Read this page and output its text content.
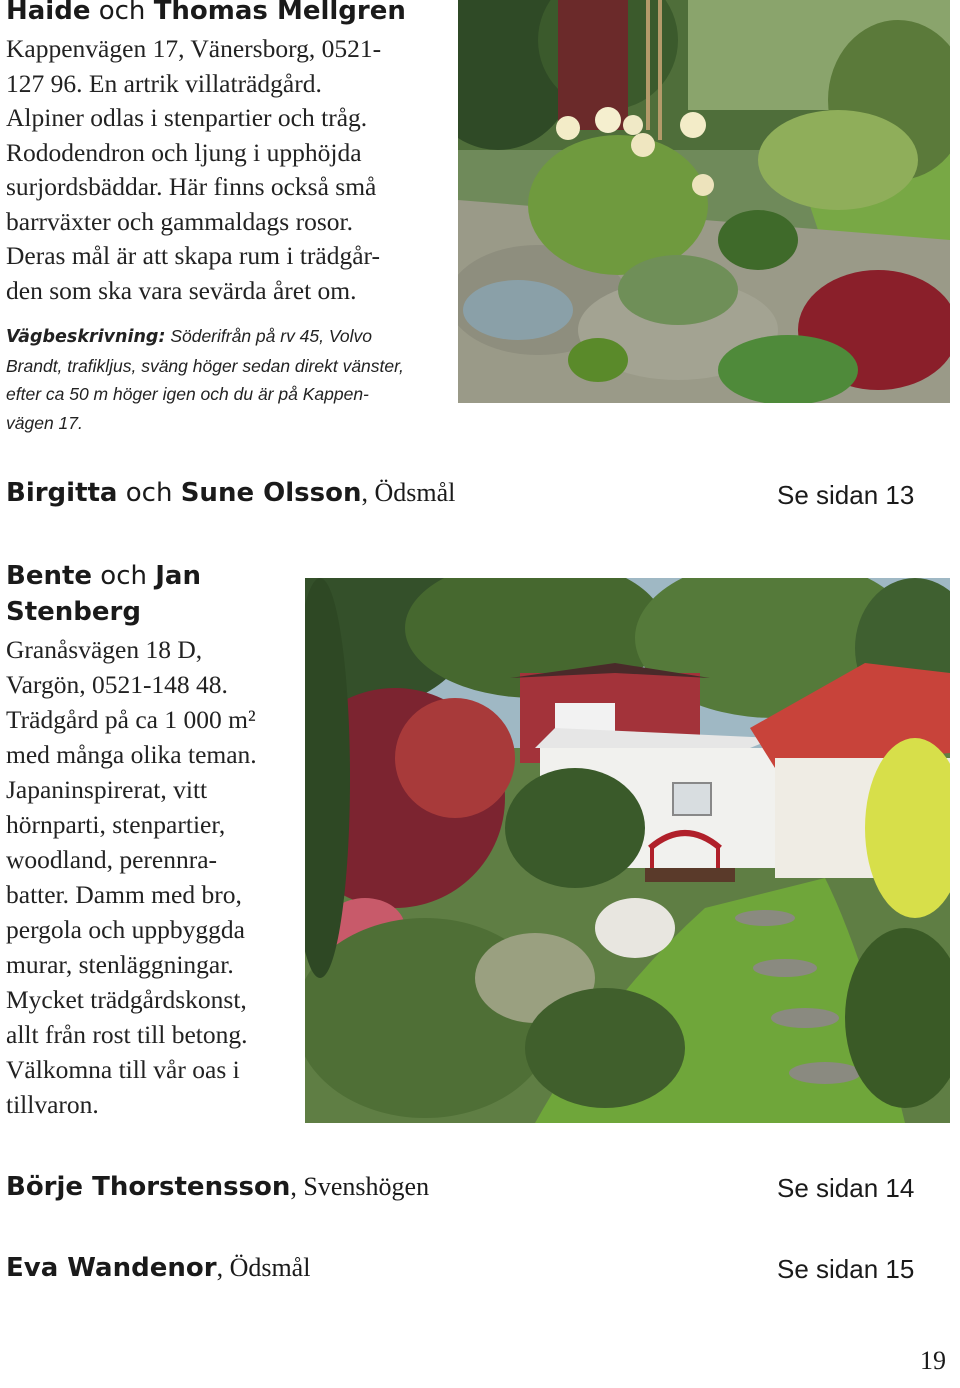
Haide och Thomas Mellgren
Kappenvägen 17, Vänersborg, 0521-
127 96. En artrik villaträdgård.
Alpiner odlas i stenpartier och tråg.
Rododendron och ljung i upphöjda
surjordsbäddar. Här finns också små
barrväxter och gammaldags rosor.
Deras mål är att skapa rum i trädgår-
den som ska vara sevärda året om.
Vägbeskrivning: Söderifrån på rv 45, Volvo
Brandt, trafikljus, sväng höger sedan direkt vänster,
efter ca 50 m höger igen och du är på Kappen-
vägen 17.
Birgitta och Sune Olsson, Ödsmål	Se sidan 13
Bente och Jan
Stenberg
Granåsvägen 18 D,
Vargön, 0521-148 48.
Trädgård på ca 1 000 m²
med många olika teman.
Japaninspirerat, vitt
hörnparti, stenpartier,
woodland, perennra-
batter. Damm med bro,
pergola och uppbyggda
murar, stenläggningar.
Mycket trädgårdskonst,
allt från rost till betong.
Välkomna till vår oas i
tillvaron.
Börje Thorstensson, Svenshögen	Se sidan 14
Eva Wandenor, Ödsmål	Se sidan 15
19
